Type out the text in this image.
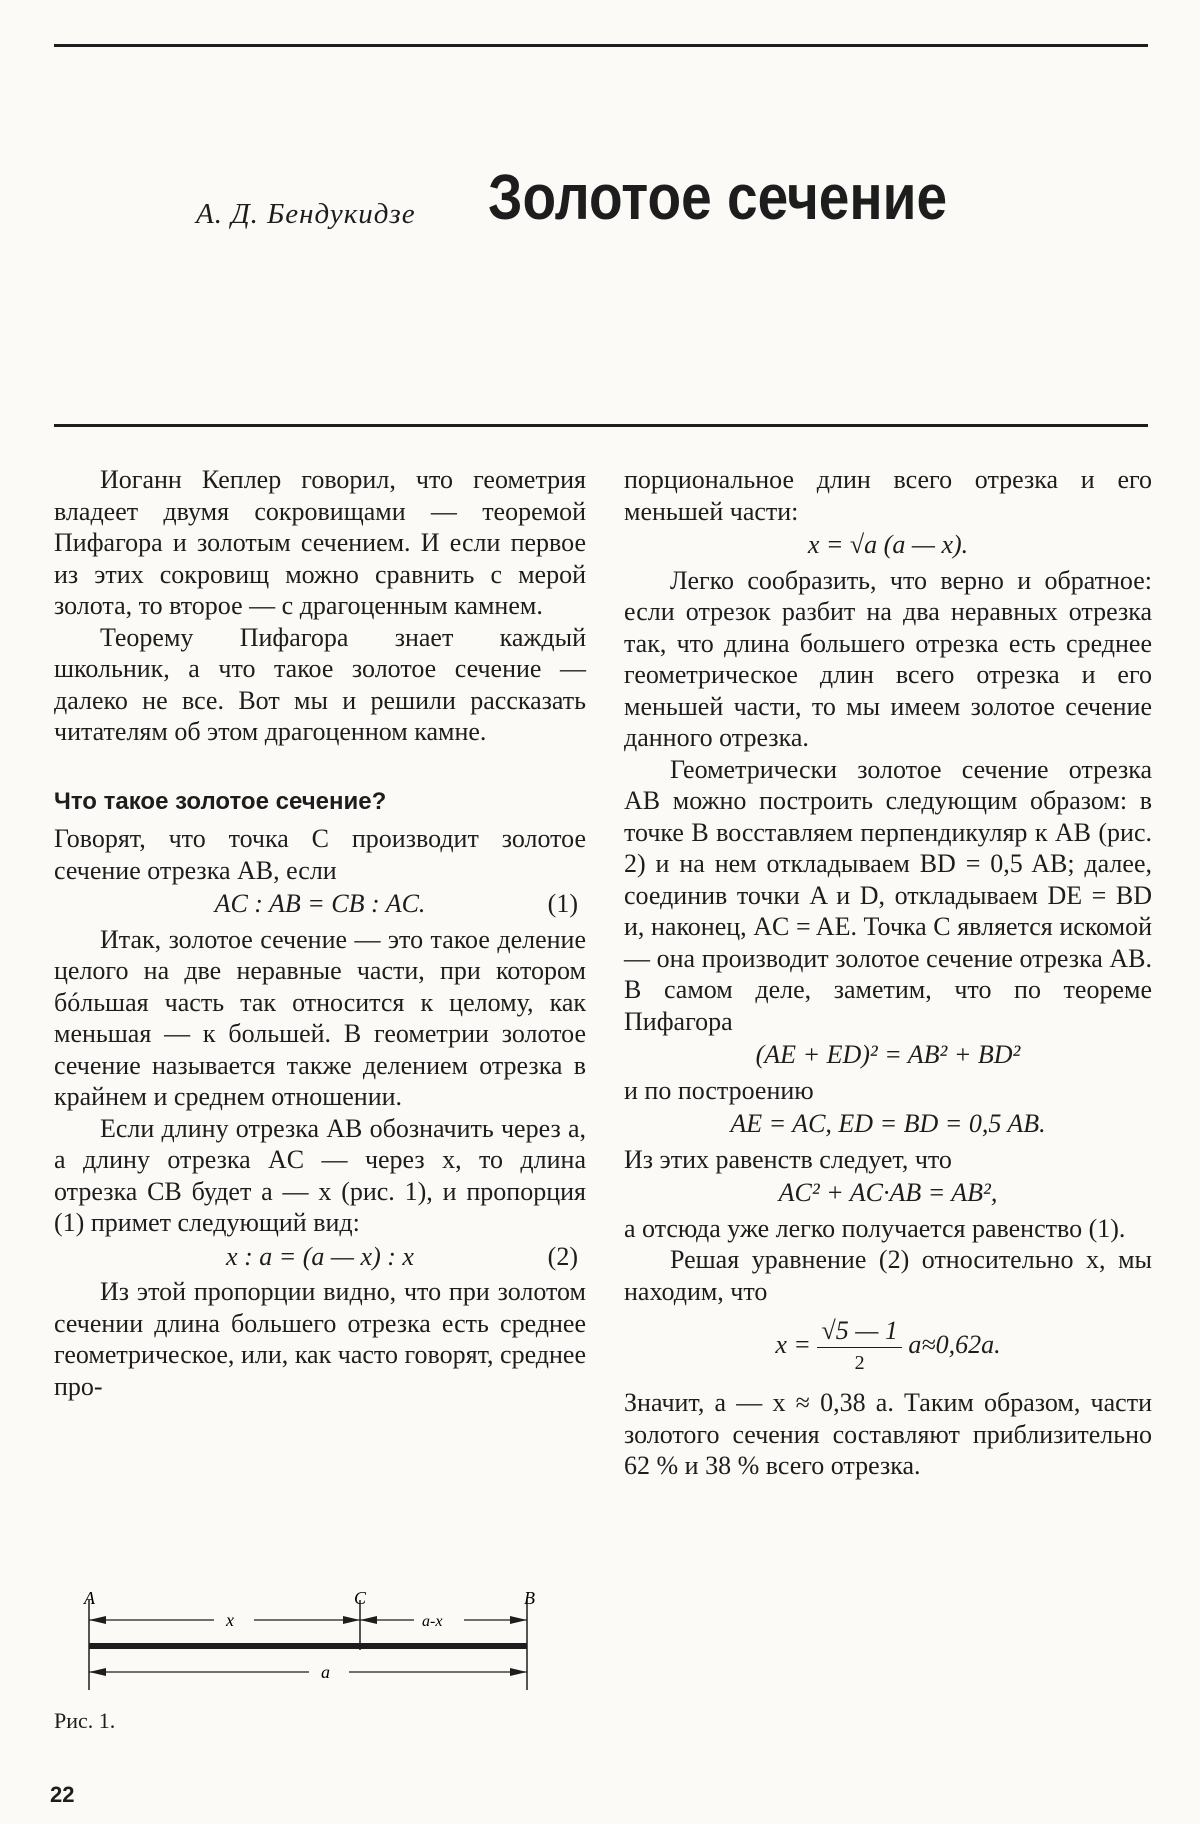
А. Д. Бендукидзе Золотое сечение

Иоганн Кеплер говорил, что геометрия владеет двумя сокровищами — теоремой Пифагора и золотым сечением. И если первое из этих сокровищ можно сравнить с мерой золота, то второе — с драгоценным камнем.

Теорему Пифагора знает каждый школьник, а что такое золотое сечение — далеко не все. Вот мы и решили рассказать читателям об этом драгоценном камне.

Что такое золотое сечение?

Говорят, что точка C производит золотое сечение отрезка AB, если

AC : AB = CB : AC.	(1)

Итак, золотое сечение — это такое деление целого на две неравные части, при котором бóльшая часть так относится к целому, как меньшая — к большей. В геометрии золотое сечение называется также делением отрезка в крайнем и среднем отношении.

Если длину отрезка AB обозначить через a, а длину отрезка AC — через x, то длина отрезка CB будет a — x (рис. 1), и пропорция (1) примет следующий вид:

x : a = (a — x) : x	(2)

Из этой пропорции видно, что при золотом сечении длина большего отрезка есть среднее геометрическое, или, как часто говорят, среднее про-

порциональное длин всего отрезка и его меньшей части:

x = √a (a — x).

Легко сообразить, что верно и обратное: если отрезок разбит на два неравных отрезка так, что длина большего отрезка есть среднее геометрическое длин всего отрезка и его меньшей части, то мы имеем золотое сечение данного отрезка.

Геометрически золотое сечение отрезка AB можно построить следующим образом: в точке B восставляем перпендикуляр к AB (рис. 2) и на нем откладываем BD = 0,5 AB; далее, соединив точки A и D, откладываем DE = BD и, наконец, AC = AE. Точка C является искомой — она производит золотое сечение отрезка AB. В самом деле, заметим, что по теореме Пифагора

(AE + ED)² = AB² + BD²

и по построению

AE = AC, ED = BD = 0,5 AB.

Из этих равенств следует, что

AC² + AC·AB = AB²,

а отсюда уже легко получается равенство (1).

Решая уравнение (2) относительно x, мы находим, что

$x = \frac{√5 — 1}{2} a\approx 0,62a$.

Значит, a — x ≈ 0,38 a. Таким образом, части золотого сечения составляют приблизительно 62 % и 38 % всего отрезка.

A	C	B
x	a-x
a
Рис. 1.
22
